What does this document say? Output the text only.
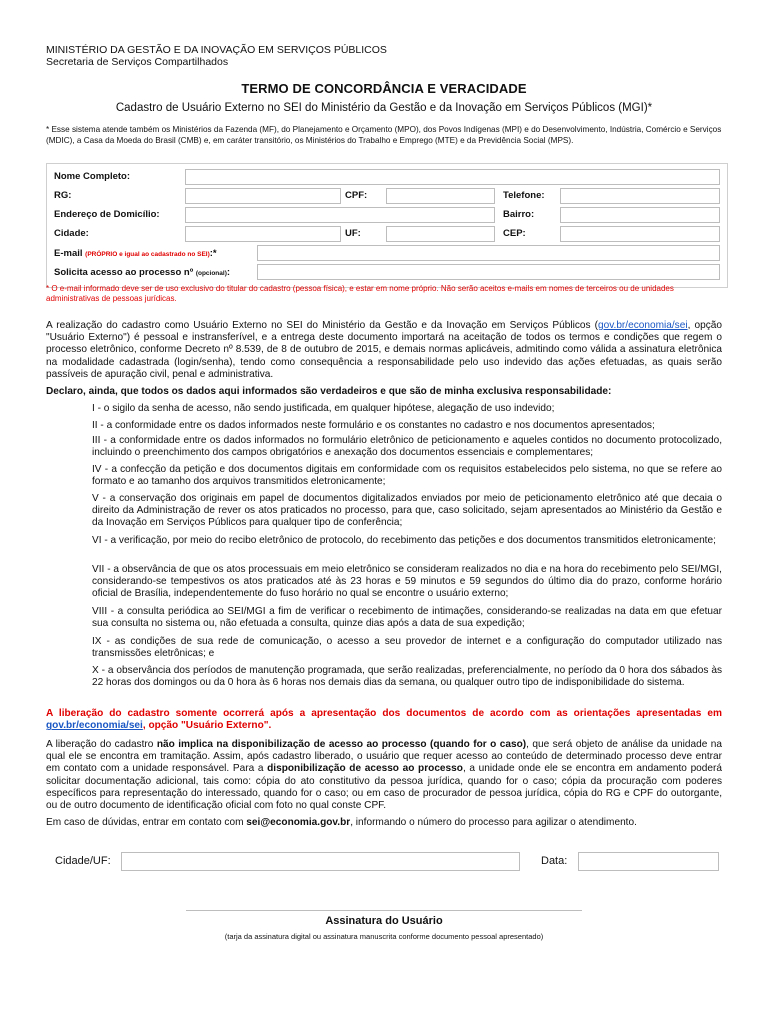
MINISTÉRIO DA GESTÃO E DA INOVAÇÃO EM SERVIÇOS PÚBLICOS
Secretaria de Serviços Compartilhados
TERMO DE CONCORDÂNCIA E VERACIDADE
Cadastro de Usuário Externo no SEI do Ministério da Gestão e da Inovação em Serviços Públicos (MGI)*
* Esse sistema atende também os Ministérios da Fazenda (MF), do Planejamento e Orçamento (MPO), dos Povos Indígenas (MPI) e do Desenvolvimento, Indústria, Comércio e Serviços (MDIC), a Casa da Moeda do Brasil (CMB) e, em caráter transitório, os Ministérios do Trabalho e Emprego (MTE) e da Previdência Social (MPS).
Nome Completo:
RG:	CPF:	Telefone:
Endereço de Domicílio:	Bairro:
Cidade:	UF:	CEP:
E-mail (PRÓPRIO e igual ao cadastrado no SEI):*
Solicita acesso ao processo nº (opcional):
* O e-mail informado deve ser de uso exclusivo do titular do cadastro (pessoa física), e estar em nome próprio. Não serão aceitos e-mails em nomes de terceiros ou de unidades administrativas de pessoas jurídicas.
A realização do cadastro como Usuário Externo no SEI do Ministério da Gestão e da Inovação em Serviços Públicos (gov.br/economia/sei, opção "Usuário Externo") é pessoal e instransferível, e a entrega deste documento importará na aceitação de todos os termos e condições que regem o processo eletrônico, conforme Decreto nº 8.539, de 8 de outubro de 2015, e demais normas aplicáveis, admitindo como válida a assinatura eletrônica na modalidade cadastrada (login/senha), tendo como consequência a responsabilidade pelo uso indevido das ações efetuadas, as quais serão passíveis de apuração civil, penal e administrativa.
Declaro, ainda, que todos os dados aqui informados são verdadeiros e que são de minha exclusiva responsabilidade:
I - o sigilo da senha de acesso, não sendo justificada, em qualquer hipótese, alegação de uso indevido;
II - a conformidade entre os dados informados neste formulário e os constantes no cadastro e nos documentos apresentados;
III - a conformidade entre os dados informados no formulário eletrônico de peticionamento e aqueles contidos no documento protocolizado, incluindo o preenchimento dos campos obrigatórios e anexação dos documentos essenciais e complementares;
IV - a confecção da petição e dos documentos digitais em conformidade com os requisitos estabelecidos pelo sistema, no que se refere ao formato e ao tamanho dos arquivos transmitidos eletronicamente;
V - a conservação dos originais em papel de documentos digitalizados enviados por meio de peticionamento eletrônico até que decaia o direito da Administração de rever os atos praticados no processo, para que, caso solicitado, sejam apresentados ao Ministério da Gestão e da Inovação em Serviços Públicos para qualquer tipo de conferência;
VI - a verificação, por meio do recibo eletrônico de protocolo, do recebimento das petições e dos documentos transmitidos eletronicamente;
VII - a observância de que os atos processuais em meio eletrônico se consideram realizados no dia e na hora do recebimento pelo SEI/MGI, considerando-se tempestivos os atos praticados até às 23 horas e 59 minutos e 59 segundos do último dia do prazo, conforme horário oficial de Brasília, independentemente do fuso horário no qual se encontre o usuário externo;
VIII - a consulta periódica ao SEI/MGI a fim de verificar o recebimento de intimações, considerando-se realizadas na data em que efetuar sua consulta no sistema ou, não efetuada a consulta, quinze dias após a data de sua expedição;
IX - as condições de sua rede de comunicação, o acesso a seu provedor de internet e a configuração do computador utilizado nas transmissões eletrônicas; e
X - a observância dos períodos de manutenção programada, que serão realizadas, preferencialmente, no período da 0 hora dos sábados às 22 horas dos domingos ou da 0 hora às 6 horas nos demais dias da semana, ou qualquer outro tipo de indisponibilidade do sistema.
A liberação do cadastro somente ocorrerá após a apresentação dos documentos de acordo com as orientações apresentadas em gov.br/economia/sei, opção "Usuário Externo".
A liberação do cadastro não implica na disponibilização de acesso ao processo (quando for o caso), que será objeto de análise da unidade na qual ele se encontra em tramitação. Assim, após cadastro liberado, o usuário que requer acesso ao conteúdo de determinado processo deve entrar em contato com a unidade responsável. Para a disponibilização de acesso ao processo, a unidade onde ele se encontra em andamento poderá solicitar documentação adicional, tais como: cópia do ato constitutivo da pessoa jurídica, quando for o caso; cópia da procuração com poderes específicos para representação do interessado, quando for o caso; ou em caso de procurador de pessoa jurídica, cópia do RG e CPF do outorgante, ou de outro documento de identificação oficial com foto no qual conste CPF.
Em caso de dúvidas, entrar em contato com sei@economia.gov.br, informando o número do processo para agilizar o atendimento.
Cidade/UF:	Data:
Assinatura do Usuário
(tarja da assinatura digital ou assinatura manuscrita conforme documento pessoal apresentado)
